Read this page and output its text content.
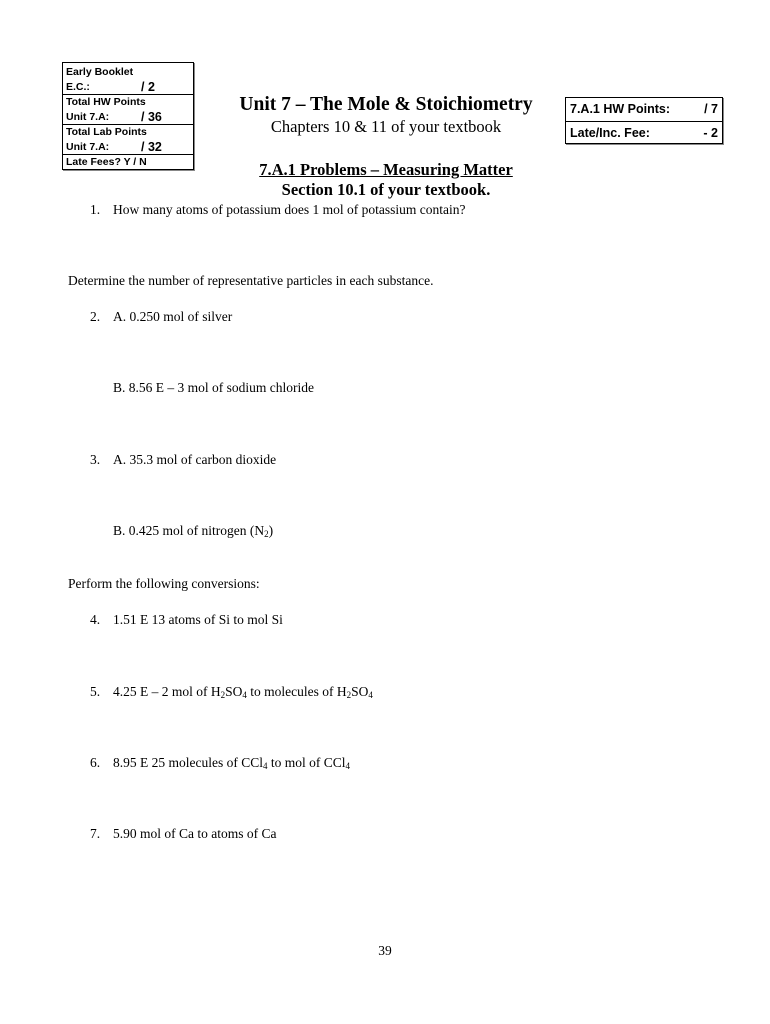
Early Booklet
E.C.:	/ 2
Total HW Points
Unit 7.A:	/ 36
Total Lab Points
Unit 7.A:	/ 32
Late Fees? Y / N
7.A.1 HW Points:	/ 7
Late/Inc. Fee:	- 2
Unit 7 – The Mole & Stoichiometry
Chapters 10 & 11 of your textbook
7.A.1 Problems – Measuring Matter
Section 10.1 of your textbook.
1. How many atoms of potassium does 1 mol of potassium contain?
Determine the number of representative particles in each substance.
2. A. 0.250 mol of silver
B. 8.56 E – 3 mol of sodium chloride
3. A. 35.3 mol of carbon dioxide
B. 0.425 mol of nitrogen $(N_2)$
Perform the following conversions:
4. 1.51 E 13 atoms of Si to mol Si
5. 4.25 E – 2 mol of $H_2SO_4$ to molecules of $H_2SO_4$
6. 8.95 E 25 molecules of CCl$_4$ to mol of CCl$_4$
7. 5.90 mol of Ca to atoms of Ca
39
